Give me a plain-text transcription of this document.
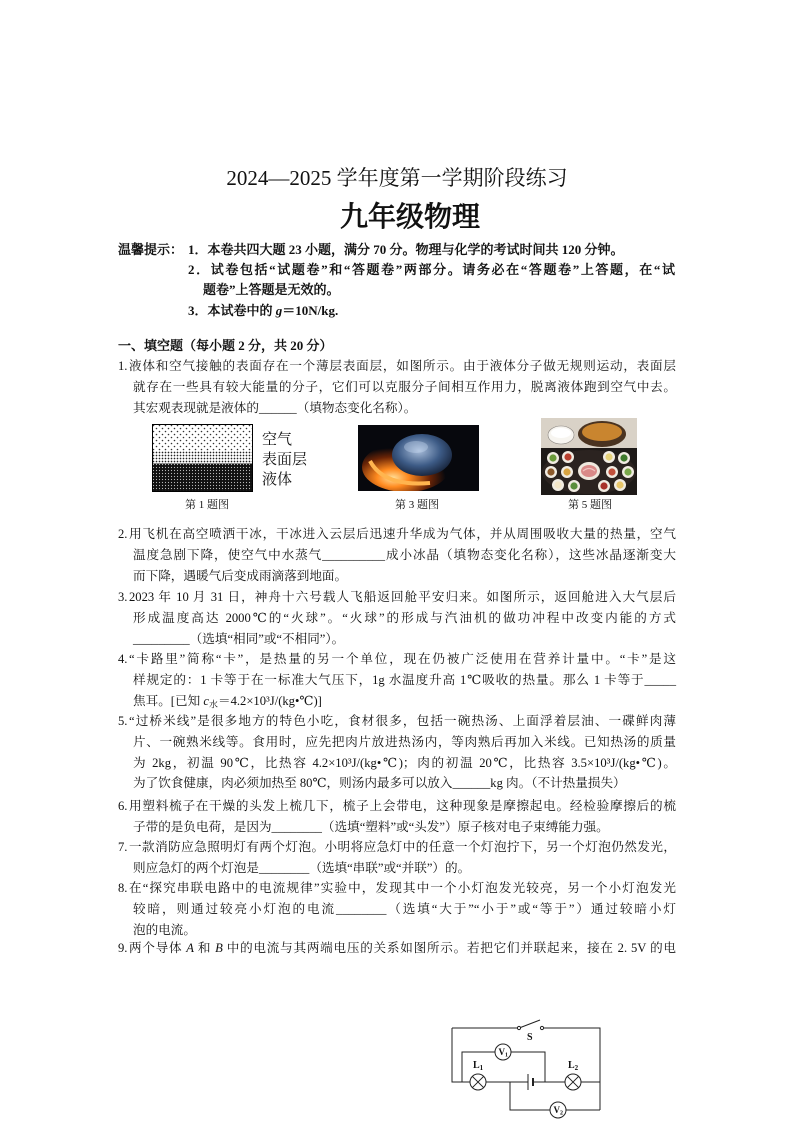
2024—2025 学年度第一学期阶段练习
九年级物理
温馨提示： 1．本卷共四大题 23 小题，满分 70 分。物理与化学的考试时间共 120 分钟。
2．试卷包括“试题卷”和“答题卷”两部分。请务必在“答题卷”上答题，在“试
题卷”上答题是无效的。
3．本试卷中的 g＝10N/kg.
一、填空题（每小题 2 分，共 20 分）
1. 液体和空气接触的表面存在一个薄层表面层，如图所示。由于液体分子做无规则运动，表面层
就存在一些具有较大能量的分子，它们可以克服分子间相互作用力，脱离液体跑到空气中去。
其宏观表现就是液体的______（填物态变化名称）。
空气
表面层
液体
第 1 题图	第 3 题图	第 5 题图
2. 用飞机在高空喷洒干冰，干冰进入云层后迅速升华成为气体，并从周围吸收大量的热量，空气
温度急剧下降，使空气中水蒸气__________成小冰晶（填物态变化名称），这些冰晶逐渐变大
而下降，遇暖气后变成雨滴落到地面。
3. 2023 年 10 月 31 日，神舟十六号载人飞船返回舱平安归来。如图所示，返回舱进入大气层后
形成温度高达 2000℃的“火球”。“火球”的形成与汽油机的做功冲程中改变内能的方式
_________（选填“相同”或“不相同”）。
4. “卡路里”简称“卡”，是热量的另一个单位，现在仍被广泛使用在营养计量中。“卡”是这
样规定的：1 卡等于在一标准大气压下，1g 水温度升高 1℃吸收的热量。那么 1 卡等于_____
焦耳。[已知 $c_水=4.2\times 10^3J/(kg•℃)$]
5. “过桥米线”是很多地方的特色小吃，食材很多，包括一碗热汤、上面浮着层油、一碟鲜肉薄
片、一碗熟米线等。食用时，应先把肉片放进热汤内，等肉熟后再加入米线。已知热汤的质量
为 2kg，初温 90℃，比热容 4.2×10³J/(kg•℃)；肉的初温 20℃，比热容 3.5×10³J/(kg•℃)。
为了饮食健康，肉必须加热至 80℃，则汤内最多可以放入______kg 肉。（不计热量损失）
6. 用塑料梳子在干燥的头发上梳几下，梳子上会带电，这种现象是摩擦起电。经检验摩擦后的梳
子带的是负电荷，是因为________（选填“塑料”或“头发”）原子核对电子束缚能力强。
7. 一款消防应急照明灯有两个灯泡。小明将应急灯中的任意一个灯泡拧下，另一个灯泡仍然发光，
则应急灯的两个灯泡是________（选填“串联”或“并联”）的。
8. 在“探究串联电路中的电流规律”实验中，发现其中一个小灯泡发光较亮，另一个小灯泡发光
较暗，则通过较亮小灯泡的电流________（选填“大于”“小于”或“等于”）通过较暗小灯
泡的电流。
9. 两个导体 A 和 B 中的电流与其两端电压的关系如图所示。若把它们并联起来，接在 2. 5V 的电
S
$L_1$	$L_2$
V1
V2
